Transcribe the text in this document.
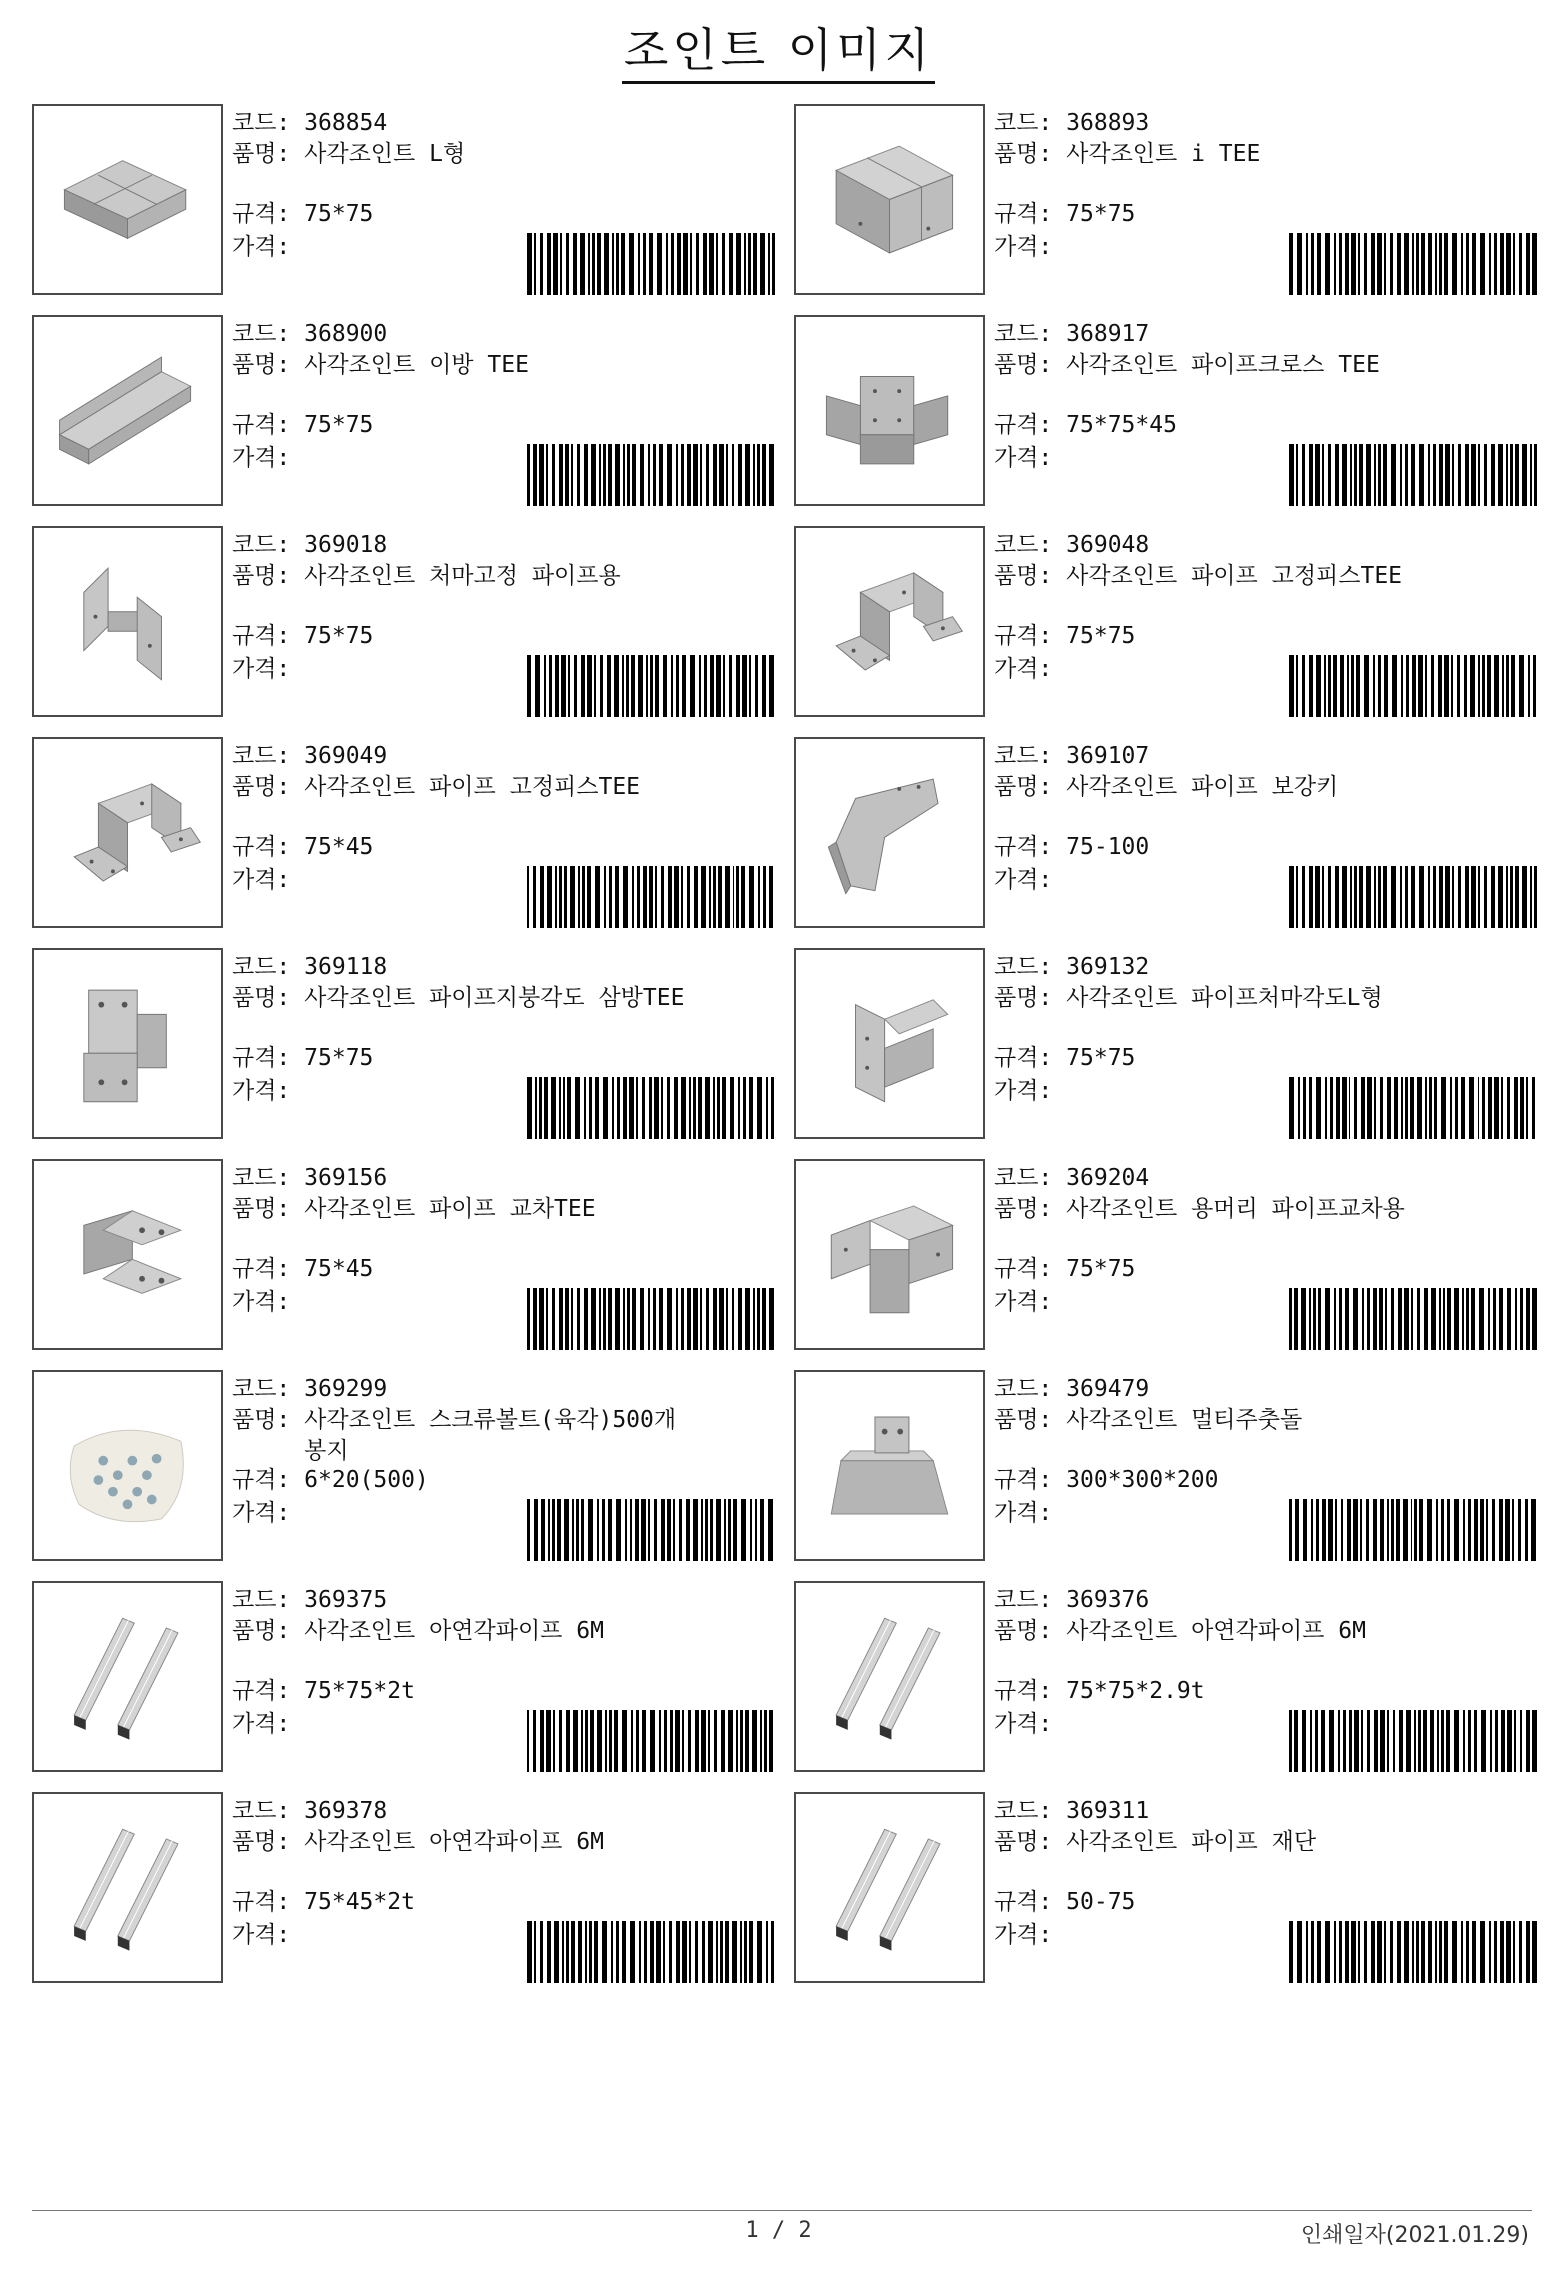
조인트 이미지
코드: 368854
품명:
사각조인트 L형
규격: 75*75
가격:
코드: 368893
품명:
사각조인트 i TEE
규격: 75*75
가격:
코드: 368900
품명:
사각조인트 이방 TEE
규격: 75*75
가격:
코드: 368917
품명:
사각조인트 파이프크로스 TEE
규격: 75*75*45
가격:
코드: 369018
품명:
사각조인트 처마고정 파이프용
규격: 75*75
가격:
코드: 369048
품명:
사각조인트 파이프 고정피스TEE
규격: 75*75
가격:
코드: 369049
품명:
사각조인트 파이프 고정피스TEE
규격: 75*45
가격:
코드: 369107
품명:
사각조인트 파이프 보강키
규격: 75-100
가격:
코드: 369118
품명:
사각조인트 파이프지붕각도 삼방TEE
규격: 75*75
가격:
코드: 369132
품명:
사각조인트 파이프처마각도L형
규격: 75*75
가격:
코드: 369156
품명:
사각조인트 파이프 교차TEE
규격: 75*45
가격:
코드: 369204
품명:
사각조인트 용머리 파이프교차용
규격: 75*75
가격:
코드: 369299
품명:
사각조인트 스크류볼트(육각)500개 봉지
규격: 6*20(500)
가격:
코드: 369479
품명:
사각조인트 멀티주춧돌
규격: 300*300*200
가격:
코드: 369375
품명:
사각조인트 아연각파이프 6M
규격: 75*75*2t
가격:
코드: 369376
품명:
사각조인트 아연각파이프 6M
규격: 75*75*2.9t
가격:
코드: 369378
품명:
사각조인트 아연각파이프 6M
규격: 75*45*2t
가격:
코드: 369311
품명:
사각조인트 파이프 재단
규격: 50-75
가격:
1 / 2	인쇄일자(2021.01.29)
